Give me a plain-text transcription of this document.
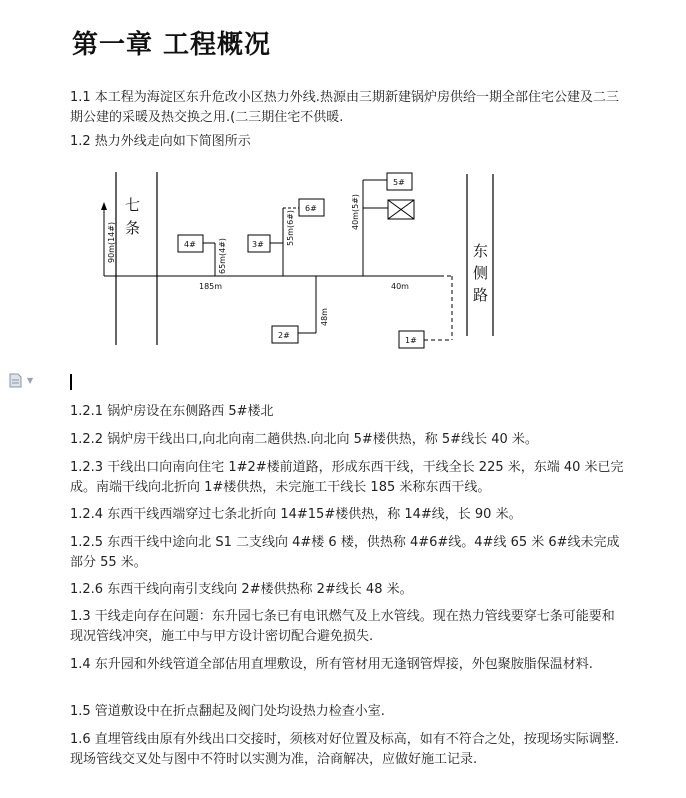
第一章 工程概况
1.1 本工程为海淀区东升危改小区热力外线.热源由三期新建锅炉房供给一期全部住宅公建及二三期公建的采暖及热交换之用.(二三期住宅不供暖.
1.2 热力外线走向如下简图所示
七
条
东
侧
路
90m(14#)
185m	40m
4#	65m(4#)	3#
6#
55m(6#)
5#
40m(5#)
2#
48m
1#
▼
1.2.1 锅炉房设在东侧路西 5#楼北
1.2.2 锅炉房干线出口,向北向南二趟供热.向北向 5#楼供热，称 5#线长 40 米。
1.2.3 干线出口向南向住宅 1#2#楼前道路，形成东西干线，干线全长 225 米，东端 40 米已完成。南端干线向北折向 1#楼供热，未完施工干线长 185 米称东西干线。
1.2.4 东西干线西端穿过七条北折向 14#15#楼供热，称 14#线，长 90 米。
1.2.5 东西干线中途向北 S1 二支线向 4#楼 6 楼，供热称 4#6#线。4#线 65 米 6#线未完成部分 55 米。
1.2.6 东西干线向南引支线向 2#楼供热称 2#线长 48 米。
1.3 干线走向存在问题：东升园七条已有电讯燃气及上水管线。现在热力管线要穿七条可能要和现况管线冲突，施工中与甲方设计密切配合避免损失.
1.4 东升园和外线管道全部估用直埋敷设，所有管材用无逢钢管焊接，外包聚胺脂保温材料.
1.5 管道敷设中在折点翻起及阀门处均设热力检查小室.
1.6 直埋管线由原有外线出口交接时，须核对好位置及标高，如有不符合之处，按现场实际调整.现场管线交叉处与图中不符时以实测为准，洽商解决，应做好施工记录.
